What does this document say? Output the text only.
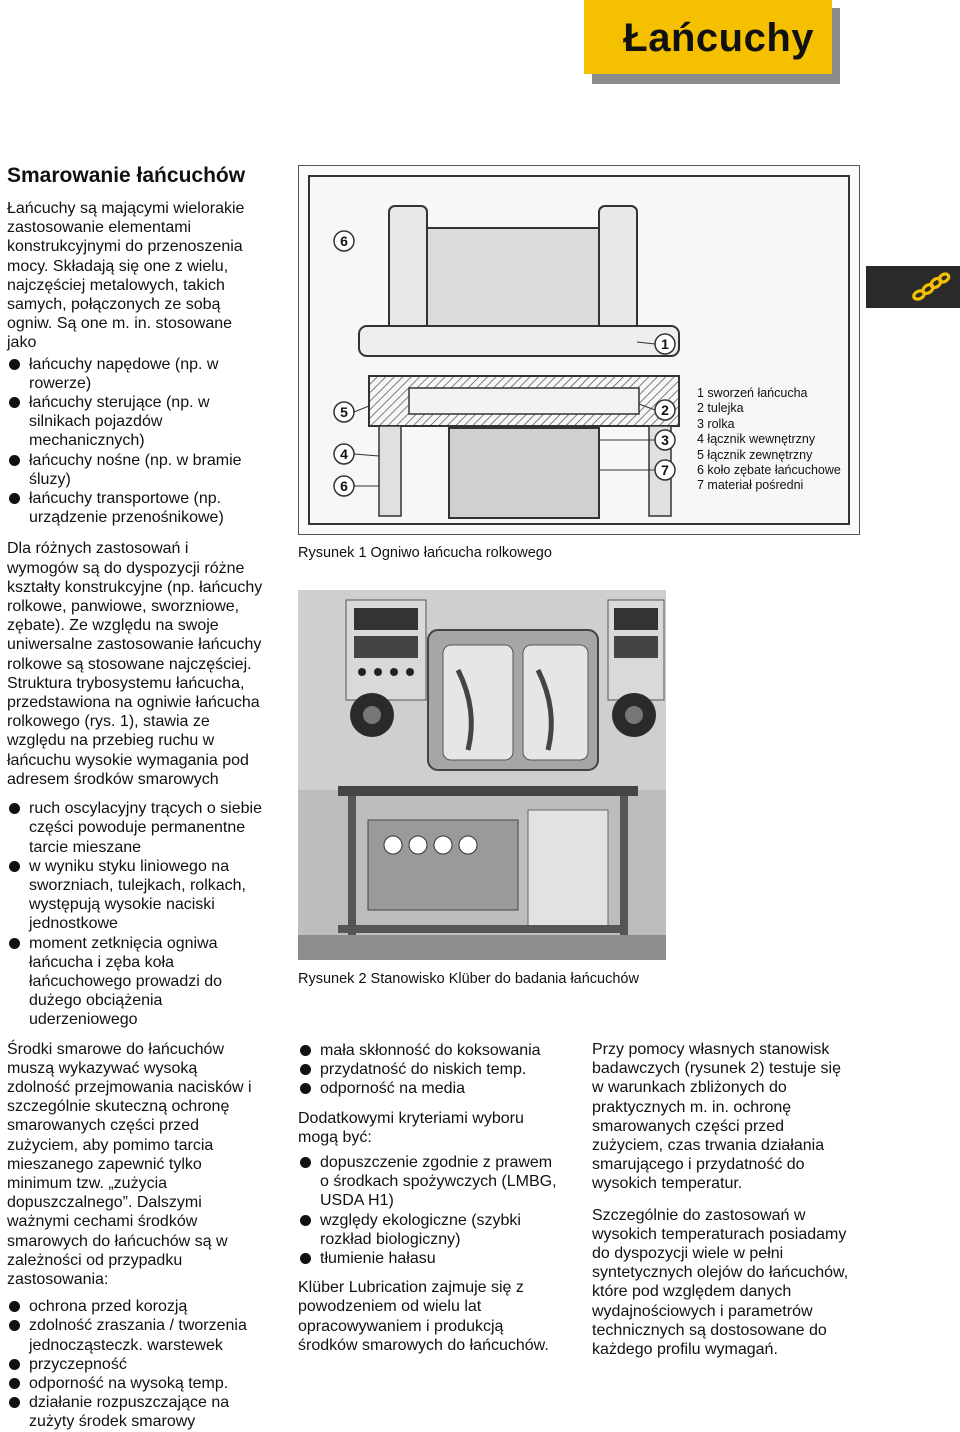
Łańcuchy
Smarowanie łańcuchów

Łańcuchy są mającymi wielorakie zastosowanie elementami konstrukcyjnymi do przenoszenia mocy. Składają się one z wielu, najczęściej metalowych, takich samych, połączonych ze sobą ogniw. Są one m. in. stosowane jako

łańcuchy napędowe (np. w rowerze)
łańcuchy sterujące (np. w silnikach pojazdów mechanicznych)
łańcuchy nośne (np. w bramie śluzy)
łańcuchy transportowe (np. urządzenie przenośnikowe)

Dla różnych zastosowań i wymogów są do dyspozycji różne kształty konstrukcyjne (np. łańcuchy rolkowe, panwiowe, sworzniowe, zębate). Ze względu na swoje uniwersalne zastosowanie łańcuchy rolkowe są stosowane najczęściej.

Struktura trybosystemu łańcucha, przedstawiona na ogniwie łańcucha rolkowego (rys. 1), stawia ze względu na przebieg ruchu w łańcuchu wysokie wymagania pod adresem środków smarowych

ruch oscylacyjny trących o siebie części powoduje permanentne tarcie mieszane
w wyniku styku liniowego na sworzniach, tulejkach, rolkach, występują wysokie naciski jednostkowe
moment zetknięcia ogniwa łańcucha i zęba koła łańcuchowego prowadzi do dużego obciążenia uderzeniowego

Środki smarowe do łańcuchów muszą wykazywać wysoką zdolność przejmowania nacisków i szczególnie skuteczną ochronę smarowanych części przed zużyciem, aby pomimo tarcia mieszanego zapewnić tylko minimum tzw. „zużycia dopuszczalnego”. Dalszymi ważnymi cechami środków smarowych do łańcuchów są w zależności od przypadku zastosowania:

ochrona przed korozją
zdolność zraszania / tworzenia jednocząsteczk. warstewek
przyczepność
odporność na wysoką temp.
działanie rozpuszczające na zużyty środek smarowy
6
5
4
6
1
2
3
7
1 sworzeń łańcucha
2 tulejka
3 rolka
4 łącznik wewnętrzny
5 łącznik zewnętrzny
6 koło zębate łańcuchowe
7 materiał pośredni
Rysunek 1 Ogniwo łańcucha rolkowego
Rysunek 2 Stanowisko Klüber do badania łańcuchów
mała skłonność do koksowania
przydatność do niskich temp.
odporność na media

Dodatkowymi kryteriami wyboru mogą być:

dopuszczenie zgodnie z prawem o środkach spożywczych (LMBG, USDA H1)
względy ekologiczne (szybki rozkład biologiczny)
tłumienie hałasu

Klüber Lubrication zajmuje się z powodzeniem od wielu lat opracowywaniem i produkcją środków smarowych do łańcuchów.

Przy pomocy własnych stanowisk badawczych (rysunek 2) testuje się w warunkach zbliżonych do praktycznych m. in. ochronę smarowanych części przed zużyciem, czas trwania działania smarującego i przydatność do wysokich temperatur.

Szczególnie do zastosowań w wysokich temperaturach posiadamy do dyspozycji wiele w pełni syntetycznych olejów do łańcuchów, które pod względem danych wydajnościowych i parametrów technicznych są dostosowane do każdego profilu wymagań.
